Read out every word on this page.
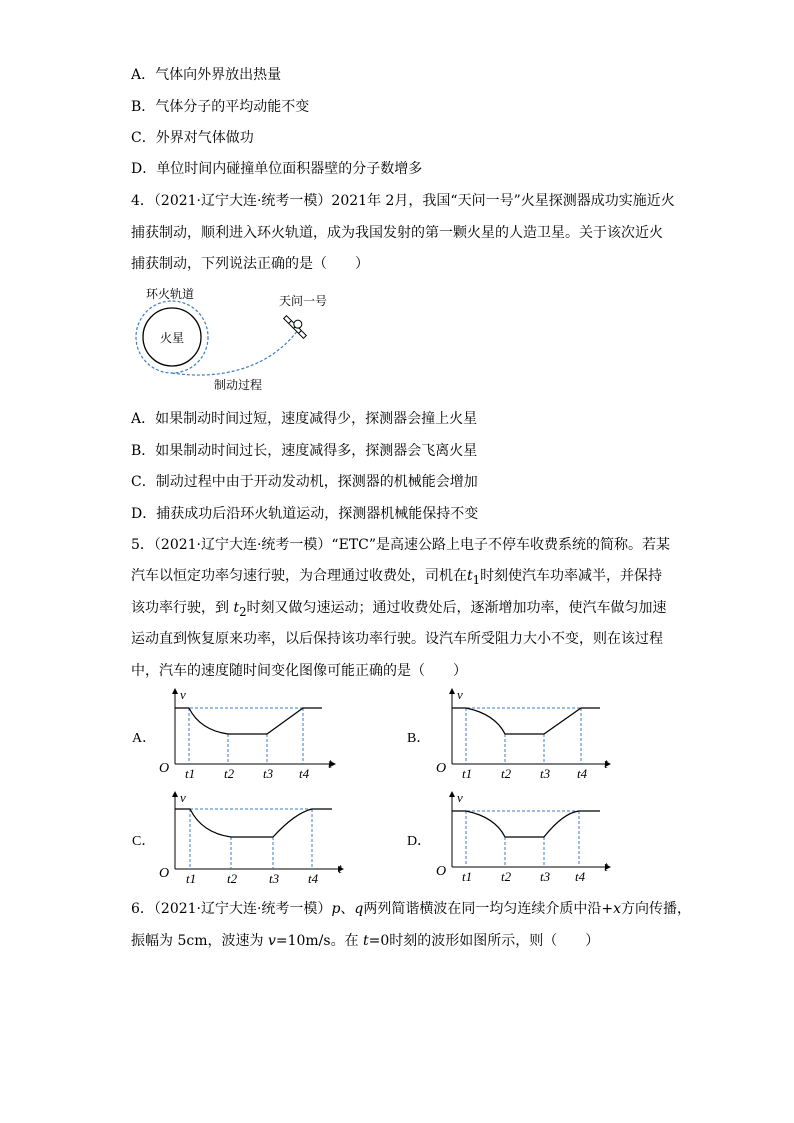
A．气体向外界放出热量
B．气体分子的平均动能不变
C．外界对气体做功
D．单位时间内碰撞单位面积器壁的分子数增多
4．（2021·辽宁大连·统考一模）2021年 2月，我国“天问一号”火星探测器成功实施近火
捕获制动，顺利进入环火轨道，成为我国发射的第一颗火星的人造卫星。关于该次近火
捕获制动，下列说法正确的是（　　）
环火轨道
火星
天问一号
制动过程
A．如果制动时间过短，速度减得少，探测器会撞上火星
B．如果制动时间过长，速度减得多，探测器会飞离火星
C．制动过程中由于开动发动机，探测器的机械能会增加
D．捕获成功后沿环火轨道运动，探测器机械能保持不变
5．（2021·辽宁大连·统考一模）“ETC”是高速公路上电子不停车收费系统的简称。若某
汽车以恒定功率匀速行驶，为合理通过收费处，司机在$t_1$时刻使汽车功率减半，并保持
该功率行驶，到 $t_2$时刻又做匀速运动；通过收费处后，逐渐增加功率，使汽车做匀加速
运动直到恢复原来功率，以后保持该功率行驶。设汽车所受阻力大小不变，则在该过程
中，汽车的速度随时间变化图像可能正确的是（　　）
A．
v
O	t
t1 t2 t3 t4
B．
v
O	t
t1 t2 t3 t4
C．
v
O	t
t1 t2 t3 t4
D．
v
O	t
t1 t2 t3 t4
6．（2021·辽宁大连·统考一模）p、q两列简谐横波在同一均匀连续介质中沿+x方向传播，
振幅为 5cm，波速为 v=10m/s。在 t=0时刻的波形如图所示，则（　　）
